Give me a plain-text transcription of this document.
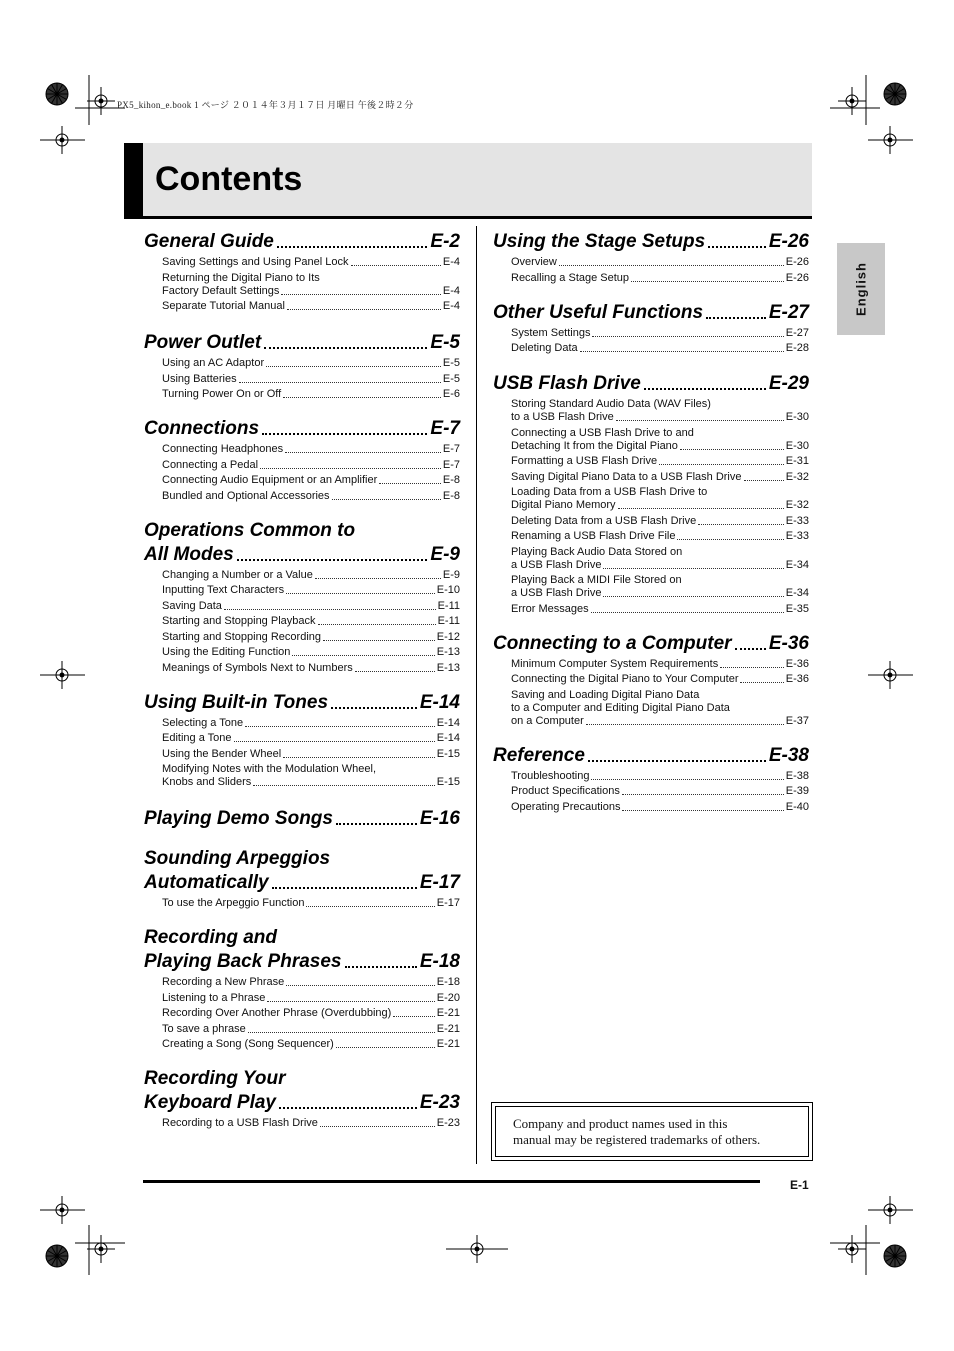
PX5_kihon_e.book 1 ページ ２０１４年３月１７日 月曜日 午後２時２分
Contents
English
General Guide	E-2
Saving Settings and Using Panel Lock	E-4
Returning the Digital Piano to Its
Factory Default Settings	E-4
Separate Tutorial Manual	E-4
Power Outlet	E-5
Using an AC Adaptor	E-5
Using Batteries	E-5
Turning Power On or Off	E-6
Connections	E-7
Connecting Headphones	E-7
Connecting a Pedal	E-7
Connecting Audio Equipment or an Amplifier	E-8
Bundled and Optional Accessories	E-8
Operations Common to
All Modes	E-9
Changing a Number or a Value	E-9
Inputting Text Characters	E-10
Saving Data	E-11
Starting and Stopping Playback	E-11
Starting and Stopping Recording	E-12
Using the Editing Function	E-13
Meanings of Symbols Next to Numbers	E-13
Using Built-in Tones	E-14
Selecting a Tone	E-14
Editing a Tone	E-14
Using the Bender Wheel	E-15
Modifying Notes with the Modulation Wheel,
Knobs and Sliders	E-15
Playing Demo Songs	E-16
Sounding Arpeggios
Automatically	E-17
To use the Arpeggio Function	E-17
Recording and
Playing Back Phrases	E-18
Recording a New Phrase	E-18
Listening to a Phrase	E-20
Recording Over Another Phrase (Overdubbing)	E-21
To save a phrase	E-21
Creating a Song (Song Sequencer)	E-21
Recording Your
Keyboard Play	E-23
Recording to a USB Flash Drive	E-23
Using the Stage Setups	E-26
Overview	E-26
Recalling a Stage Setup	E-26
Other Useful Functions	E-27
System Settings	E-27
Deleting Data	E-28
USB Flash Drive	E-29
Storing Standard Audio Data (WAV Files)
to a USB Flash Drive	E-30
Connecting a USB Flash Drive to and
Detaching It from the Digital Piano	E-30
Formatting a USB Flash Drive	E-31
Saving Digital Piano Data to a USB Flash Drive	E-32
Loading Data from a USB Flash Drive to
Digital Piano Memory	E-32
Deleting Data from a USB Flash Drive	E-33
Renaming a USB Flash Drive File	E-33
Playing Back Audio Data Stored on
a USB Flash Drive	E-34
Playing Back a MIDI File Stored on
a USB Flash Drive	E-34
Error Messages	E-35
Connecting to a Computer E-36
Minimum Computer System Requirements	E-36
Connecting the Digital Piano to Your Computer	E-36
Saving and Loading Digital Piano Data
to a Computer and Editing Digital Piano Data
on a Computer	E-37
Reference	E-38
Troubleshooting	E-38
Product Specifications	E-39
Operating Precautions	E-40
Company and product names used in this
manual may be registered trademarks of others.
E-1
